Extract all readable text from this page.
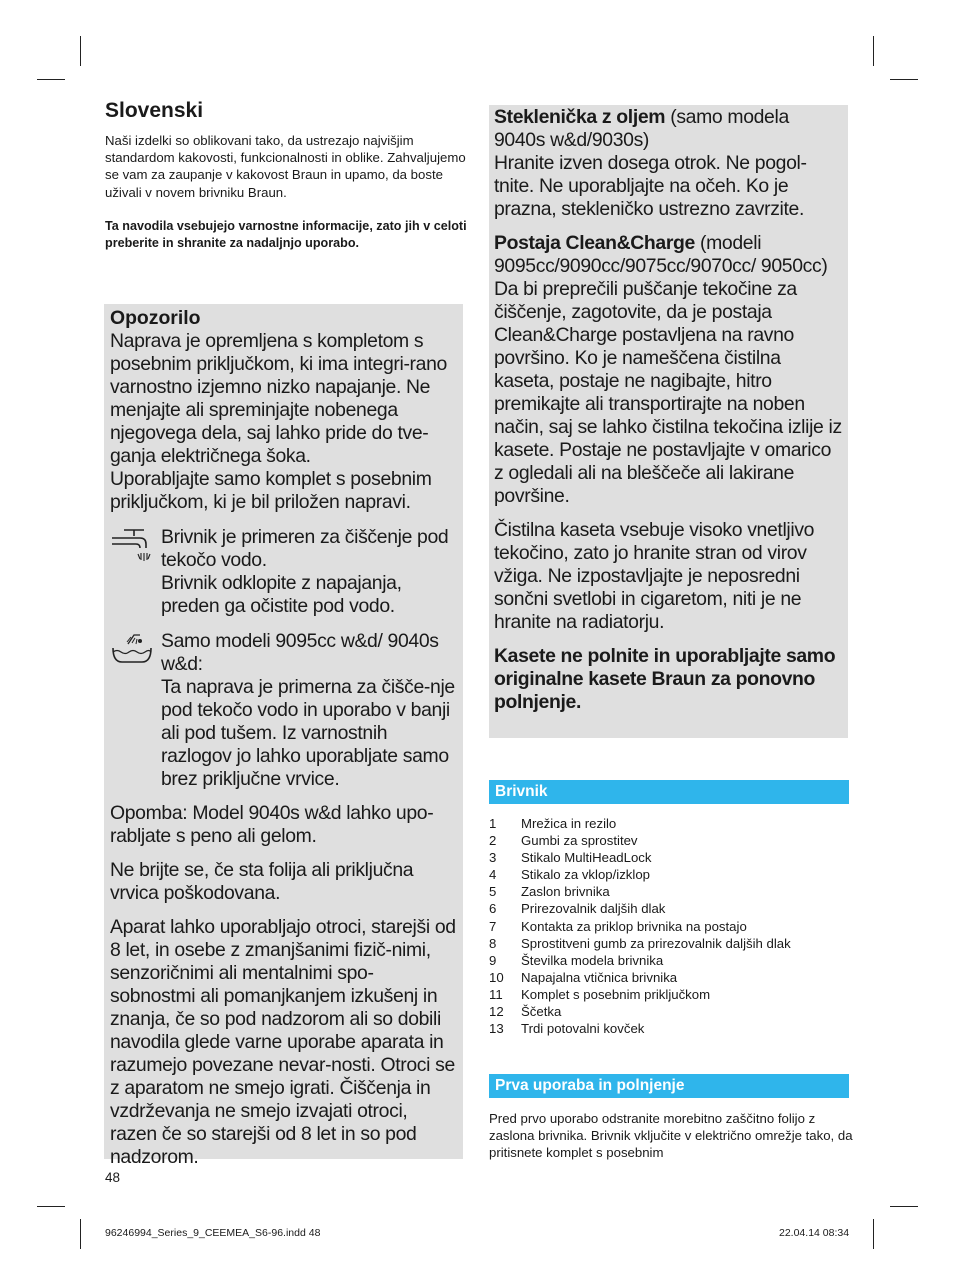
Slovenski

Naši izdelki so oblikovani tako, da ustrezajo najvišjim standardom kakovosti, funkcionalnosti in oblike. Zahvaljujemo se vam za zaupanje v kakovost Braun in upamo, da boste uživali v novem brivniku Braun.

Ta navodila vsebujejo varnostne informacije, zato jih v celoti preberite in shranite za nadaljnjo uporabo.

Opozorilo

Naprava je opremljena s kompletom s posebnim priključkom, ki ima integri-rano varnostno izjemno nizko napajanje. Ne menjajte ali spreminjajte nobenega njegovega dela, saj lahko pride do tve-ganja električnega šoka.

Uporabljajte samo komplet s posebnim priključkom, ki je bil priložen napravi.

Brivnik je primeren za čiščenje pod tekočo vodo.

Brivnik odklopite z napajanja, preden ga očistite pod vodo.

Samo modeli 9095cc w&d/ 9040s w&d:

Ta naprava je primerna za čišče-nje pod tekočo vodo in uporabo v banji ali pod tušem. Iz varnostnih razlogov jo lahko uporabljate samo brez priključne vrvice.

Opomba: Model 9040s w&d lahko upo-rabljate s peno ali gelom.

Ne brijte se, če sta folija ali priključna vrvica poškodovana.

Aparat lahko uporabljajo otroci, starejši od 8 let, in osebe z zmanjšanimi fizič-nimi, senzoričnimi ali mentalnimi spo-sobnostmi ali pomanjkanjem izkušenj in znanja, če so pod nadzorom ali so dobili navodila glede varne uporabe aparata in razumejo povezane nevar-nosti. Otroci se z aparatom ne smejo igrati. Čiščenja in vzdrževanja ne smejo izvajati otroci, razen če so starejši od 8 let in so pod nadzorom.

Steklenička z oljem (samo modela 9040s w&d/9030s)

Hranite izven dosega otrok. Ne pogol-tnite. Ne uporabljajte na očeh. Ko je prazna, stekleničko ustrezno zavrzite.

Postaja Clean&Charge (modeli 9095cc/9090cc/9075cc/9070cc/ 9050cc)

Da bi preprečili puščanje tekočine za čiščenje, zagotovite, da je postaja Clean&Charge postavljena na ravno površino. Ko je nameščena čistilna kaseta, postaje ne nagibajte, hitro premikajte ali transportirajte na noben način, saj se lahko čistilna tekočina izlije iz kasete. Postaje ne postavljajte v omarico z ogledali ali na bleščeče ali lakirane površine.

Čistilna kaseta vsebuje visoko vnetljivo tekočino, zato jo hranite stran od virov vžiga. Ne izpostavljajte je neposredni sončni svetlobi in cigaretom, niti je ne hranite na radiatorju.

Kasete ne polnite in uporabljajte samo originalne kasete Braun za ponovno polnjenje.

Brivnik
1	Mrežica in rezilo
2	Gumbi za sprostitev
3	Stikalo MultiHeadLock
4	Stikalo za vklop/izklop
5	Zaslon brivnika
6	Prirezovalnik daljših dlak
7	Kontakta za priklop brivnika na postajo
8	Sprostitveni gumb za prirezovalnik daljših dlak
9	Številka modela brivnika
10	Napajalna vtičnica brivnika
11	Komplet s posebnim priključkom
12	Ščetka
13	Trdi potovalni kovček
Prva uporaba in polnjenje

Pred prvo uporabo odstranite morebitno zaščitno folijo z zaslona brivnika. Brivnik vključite v električno omrežje tako, da pritisnete komplet s posebnim

48
96246994_Series_9_CEEMEA_S6-96.indd 48	22.04.14 08:34
